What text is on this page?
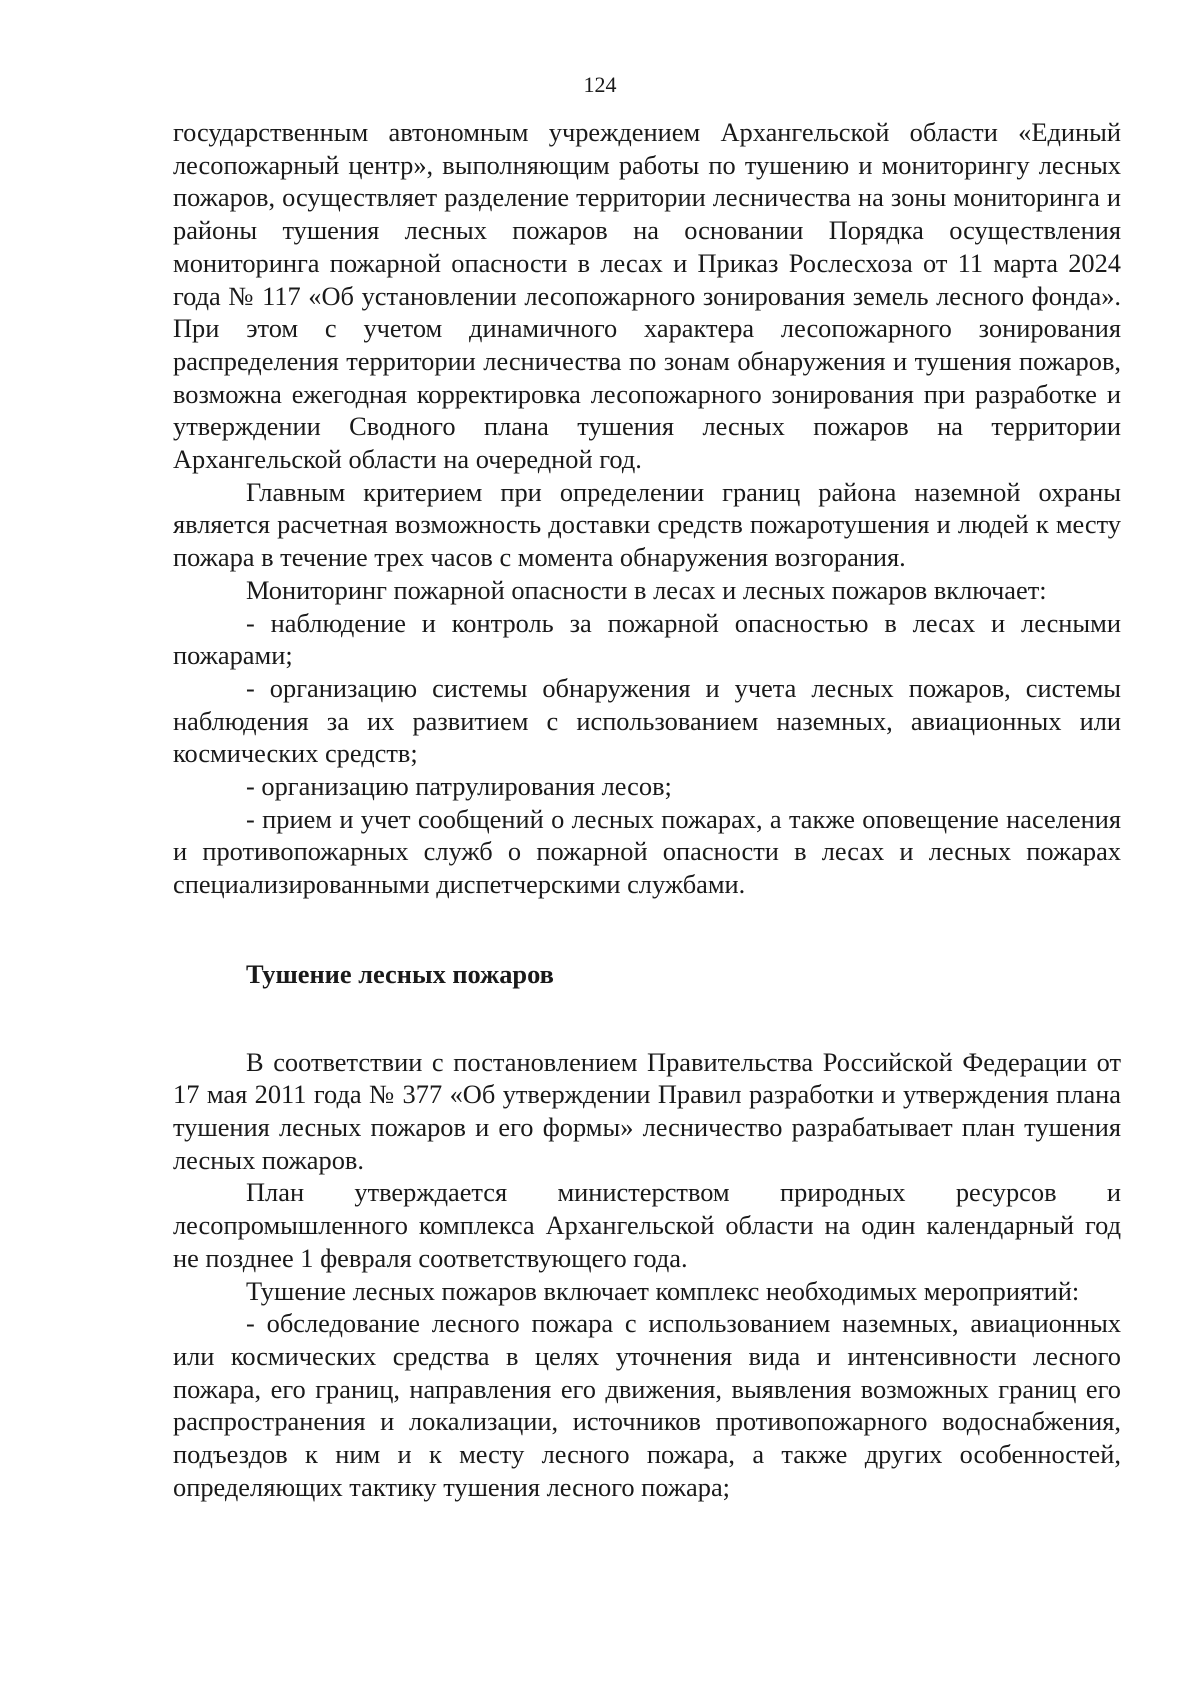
124

государственным автономным учреждением Архангельской области «Единый лесопожарный центр», выполняющим работы по тушению и мониторингу лесных пожаров, осуществляет разделение территории лесничества на зоны мониторинга и районы тушения лесных пожаров на основании Порядка осуществления мониторинга пожарной опасности в лесах и Приказ Рослесхоза от 11 марта 2024 года № 117 «Об установлении лесопожарного зонирования земель лесного фонда». При этом с учетом динамичного характера лесопожарного зонирования распределения территории лесничества по зонам обнаружения и тушения пожаров, возможна ежегодная корректировка лесопожарного зонирования при разработке и утверждении Сводного плана тушения лесных пожаров на территории Архангельской области на очередной год.

Главным критерием при определении границ района наземной охраны является расчетная возможность доставки средств пожаротушения и людей к месту пожара в течение трех часов с момента обнаружения возгорания.

Мониторинг пожарной опасности в лесах и лесных пожаров включает:

- наблюдение и контроль за пожарной опасностью в лесах и лесными пожарами;

- организацию системы обнаружения и учета лесных пожаров, системы наблюдения за их развитием с использованием наземных, авиационных или космических средств;

- организацию патрулирования лесов;

- прием и учет сообщений о лесных пожарах, а также оповещение населения и противопожарных служб о пожарной опасности в лесах и лесных пожарах специализированными диспетчерскими службами.

Тушение лесных пожаров

В соответствии с постановлением Правительства Российской Федерации от 17 мая 2011 года № 377 «Об утверждении Правил разработки и утверждения плана тушения лесных пожаров и его формы» лесничество разрабатывает план тушения лесных пожаров.

План утверждается министерством природных ресурсов и лесопромышленного комплекса Архангельской области на один календарный год не позднее 1 февраля соответствующего года.

Тушение лесных пожаров включает комплекс необходимых мероприятий:

- обследование лесного пожара с использованием наземных, авиационных или космических средства в целях уточнения вида и интенсивности лесного пожара, его границ, направления его движения, выявления возможных границ его распространения и локализации, источников противопожарного водоснабжения, подъездов к ним и к месту лесного пожара, а также других особенностей, определяющих тактику тушения лесного пожара;
